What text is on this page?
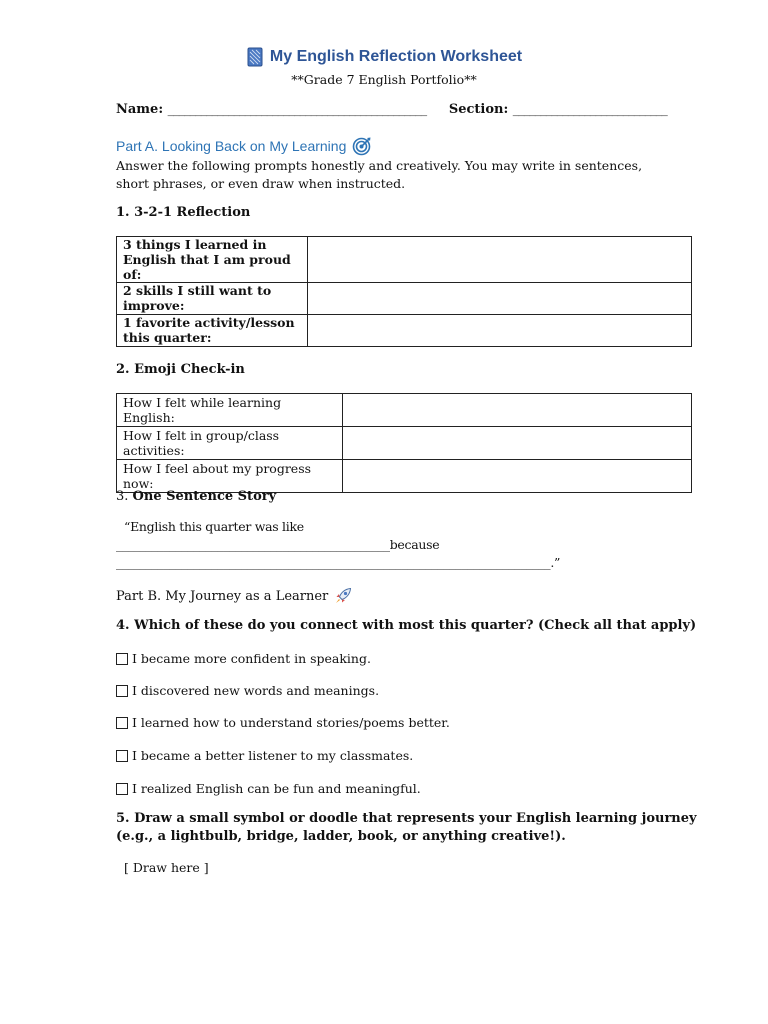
My English Reflection Worksheet
**Grade 7 English Portfolio**
Name: _______________________________________________ Section: ____________________________
Part A. Looking Back on My Learning
Answer the following prompts honestly and creatively. You may write in sentences,
short phrases, or even draw when instructed.
1. 3-2-1 Reflection
3 things I learned in
English that I am proud of:	

2 skills I still want to
improve:	

1 favorite activity/lesson
this quarter:	

2. Emoji Check-in
How I felt while learning English:	
How I felt in group/class activities:	
How I feel about my progress now:	
3. One Sentence Story
“English this quarter was like
______________________________________________because
_________________________________________________________________________.”
Part B. My Journey as a Learner
4. Which of these do you connect with most this quarter? (Check all that apply)
I became more confident in speaking.
I discovered new words and meanings.
I learned how to understand stories/poems better.
I became a better listener to my classmates.
I realized English can be fun and meaningful.
5. Draw a small symbol or doodle that represents your English learning journey
(e.g., a lightbulb, bridge, ladder, book, or anything creative!).
[ Draw here ]
